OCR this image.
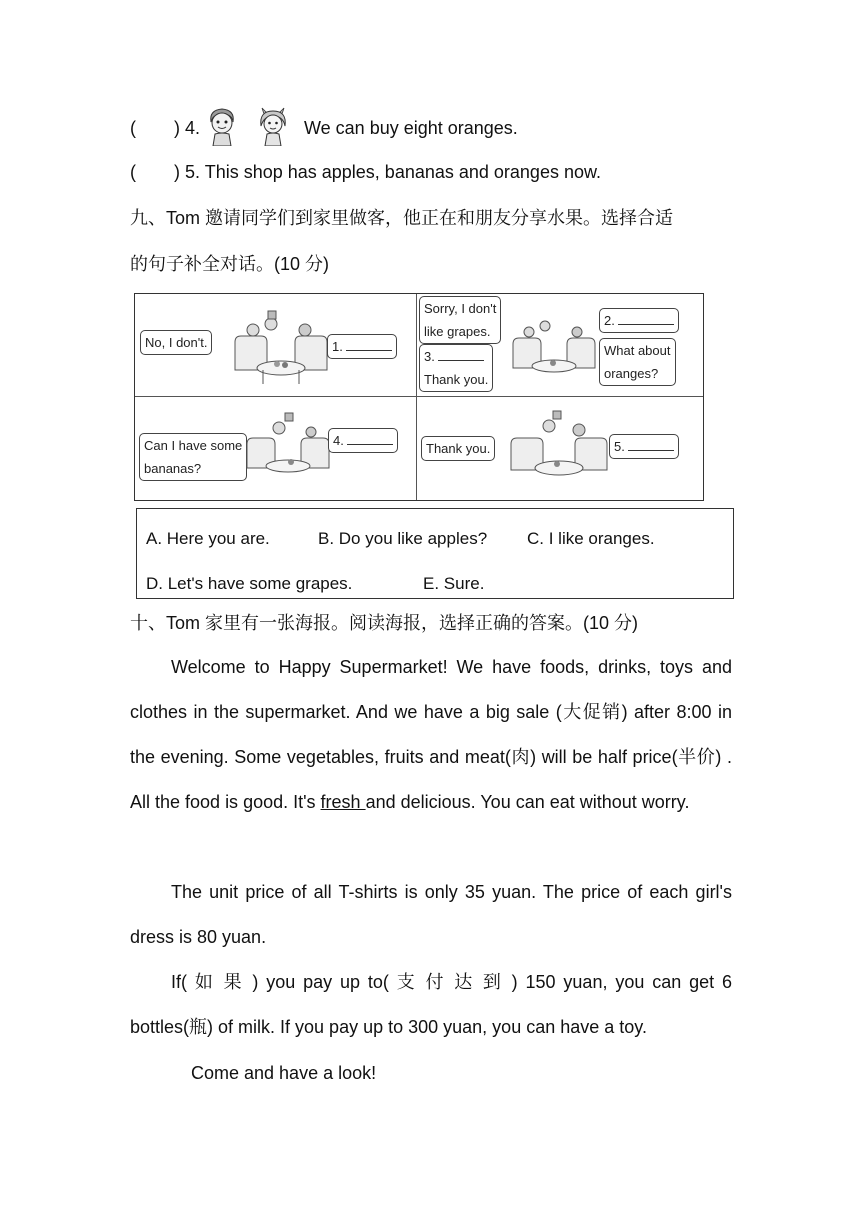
( ) 4.	We can buy eight oranges.
( ) 5. This shop has apples, bananas and oranges now.
九、Tom 邀请同学们到家里做客，他正在和朋友分享水果。选择合适
的句子补全对话。(10 分)
No, I don't.	1.
Sorry, I don't
like grapes.
3.
Thank you.
2.
What about
oranges?
Can I have some
bananas?
4.
Thank you.	5.
A. Here you are.	B. Do you like apples? C. I like oranges.
D. Let's have some grapes.	E. Sure.
十、Tom 家里有一张海报。阅读海报，选择正确的答案。(10 分)
Welcome to Happy Supermarket! We have foods, drinks, toys and clothes in the supermarket. And we have a big sale (大促销) after 8:00 in the evening. Some vegetables, fruits and meat(肉) will be half price(半价) . All the food is good. It's fresh and delicious. You can eat without worry.
The unit price of all T-shirts is only 35 yuan. The price of each girl's dress is 80 yuan.
If( 如 果 ) you pay up to( 支 付 达 到 ) 150 yuan, you can get 6 bottles(瓶) of milk. If you pay up to 300 yuan, you can have a toy.
Come and have a look!
